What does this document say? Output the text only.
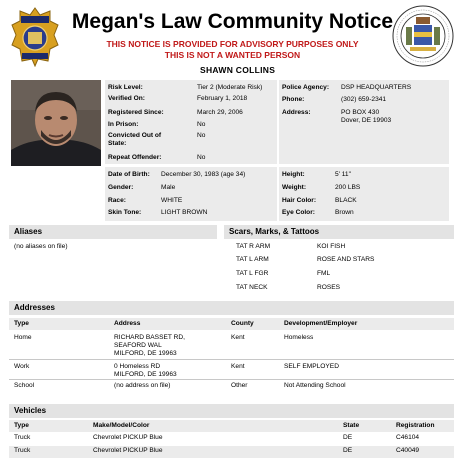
Megan's Law Community Notice
THIS NOTICE IS PROVIDED FOR ADVISORY PURPOSES ONLY
THIS IS NOT A WANTED PERSON
SHAWN COLLINS
Risk Level:	Tier 2 (Moderate Risk)
Verified On:	February 1, 2018
Registered Since:	March 29, 2006
In Prison:	No
Convicted Out of
State:
No
Repeat Offender:	No
Police Agency: DSP HEADQUARTERS
Phone:	(302) 659-2341
Address:	PO BOX 430
Dover, DE 19903
Date of Birth: December 30, 1983 (age 34)
Gender:	Male
Race:	WHITE
Skin Tone:	LIGHT BROWN
Height:	5' 11"
Weight:	200 LBS
Hair Color:	BLACK
Eye Color:	Brown
Aliases
(no aliases on file)
Scars, Marks, & Tattoos
TAT R ARM	KOI FISH
TAT L ARM	ROSE AND STARS
TAT L FGR	FML
TAT NECK	ROSES
Addresses
Type	Address	County	Development/Employer
Home	RICHARD BASSET RD,
SEAFORD WAL
MILFORD, DE 19963
Kent	Homeless
Work	0 Homeless RD
MILFORD, DE 19963
Kent	SELF EMPLOYED
School	(no address on file)	Other	Not Attending School
Vehicles
Type	Make/Model/Color	State	Registration
Truck	Chevrolet PICKUP Blue	DE	C46104
Truck	Chevrolet PICKUP Blue	DE	C40049
